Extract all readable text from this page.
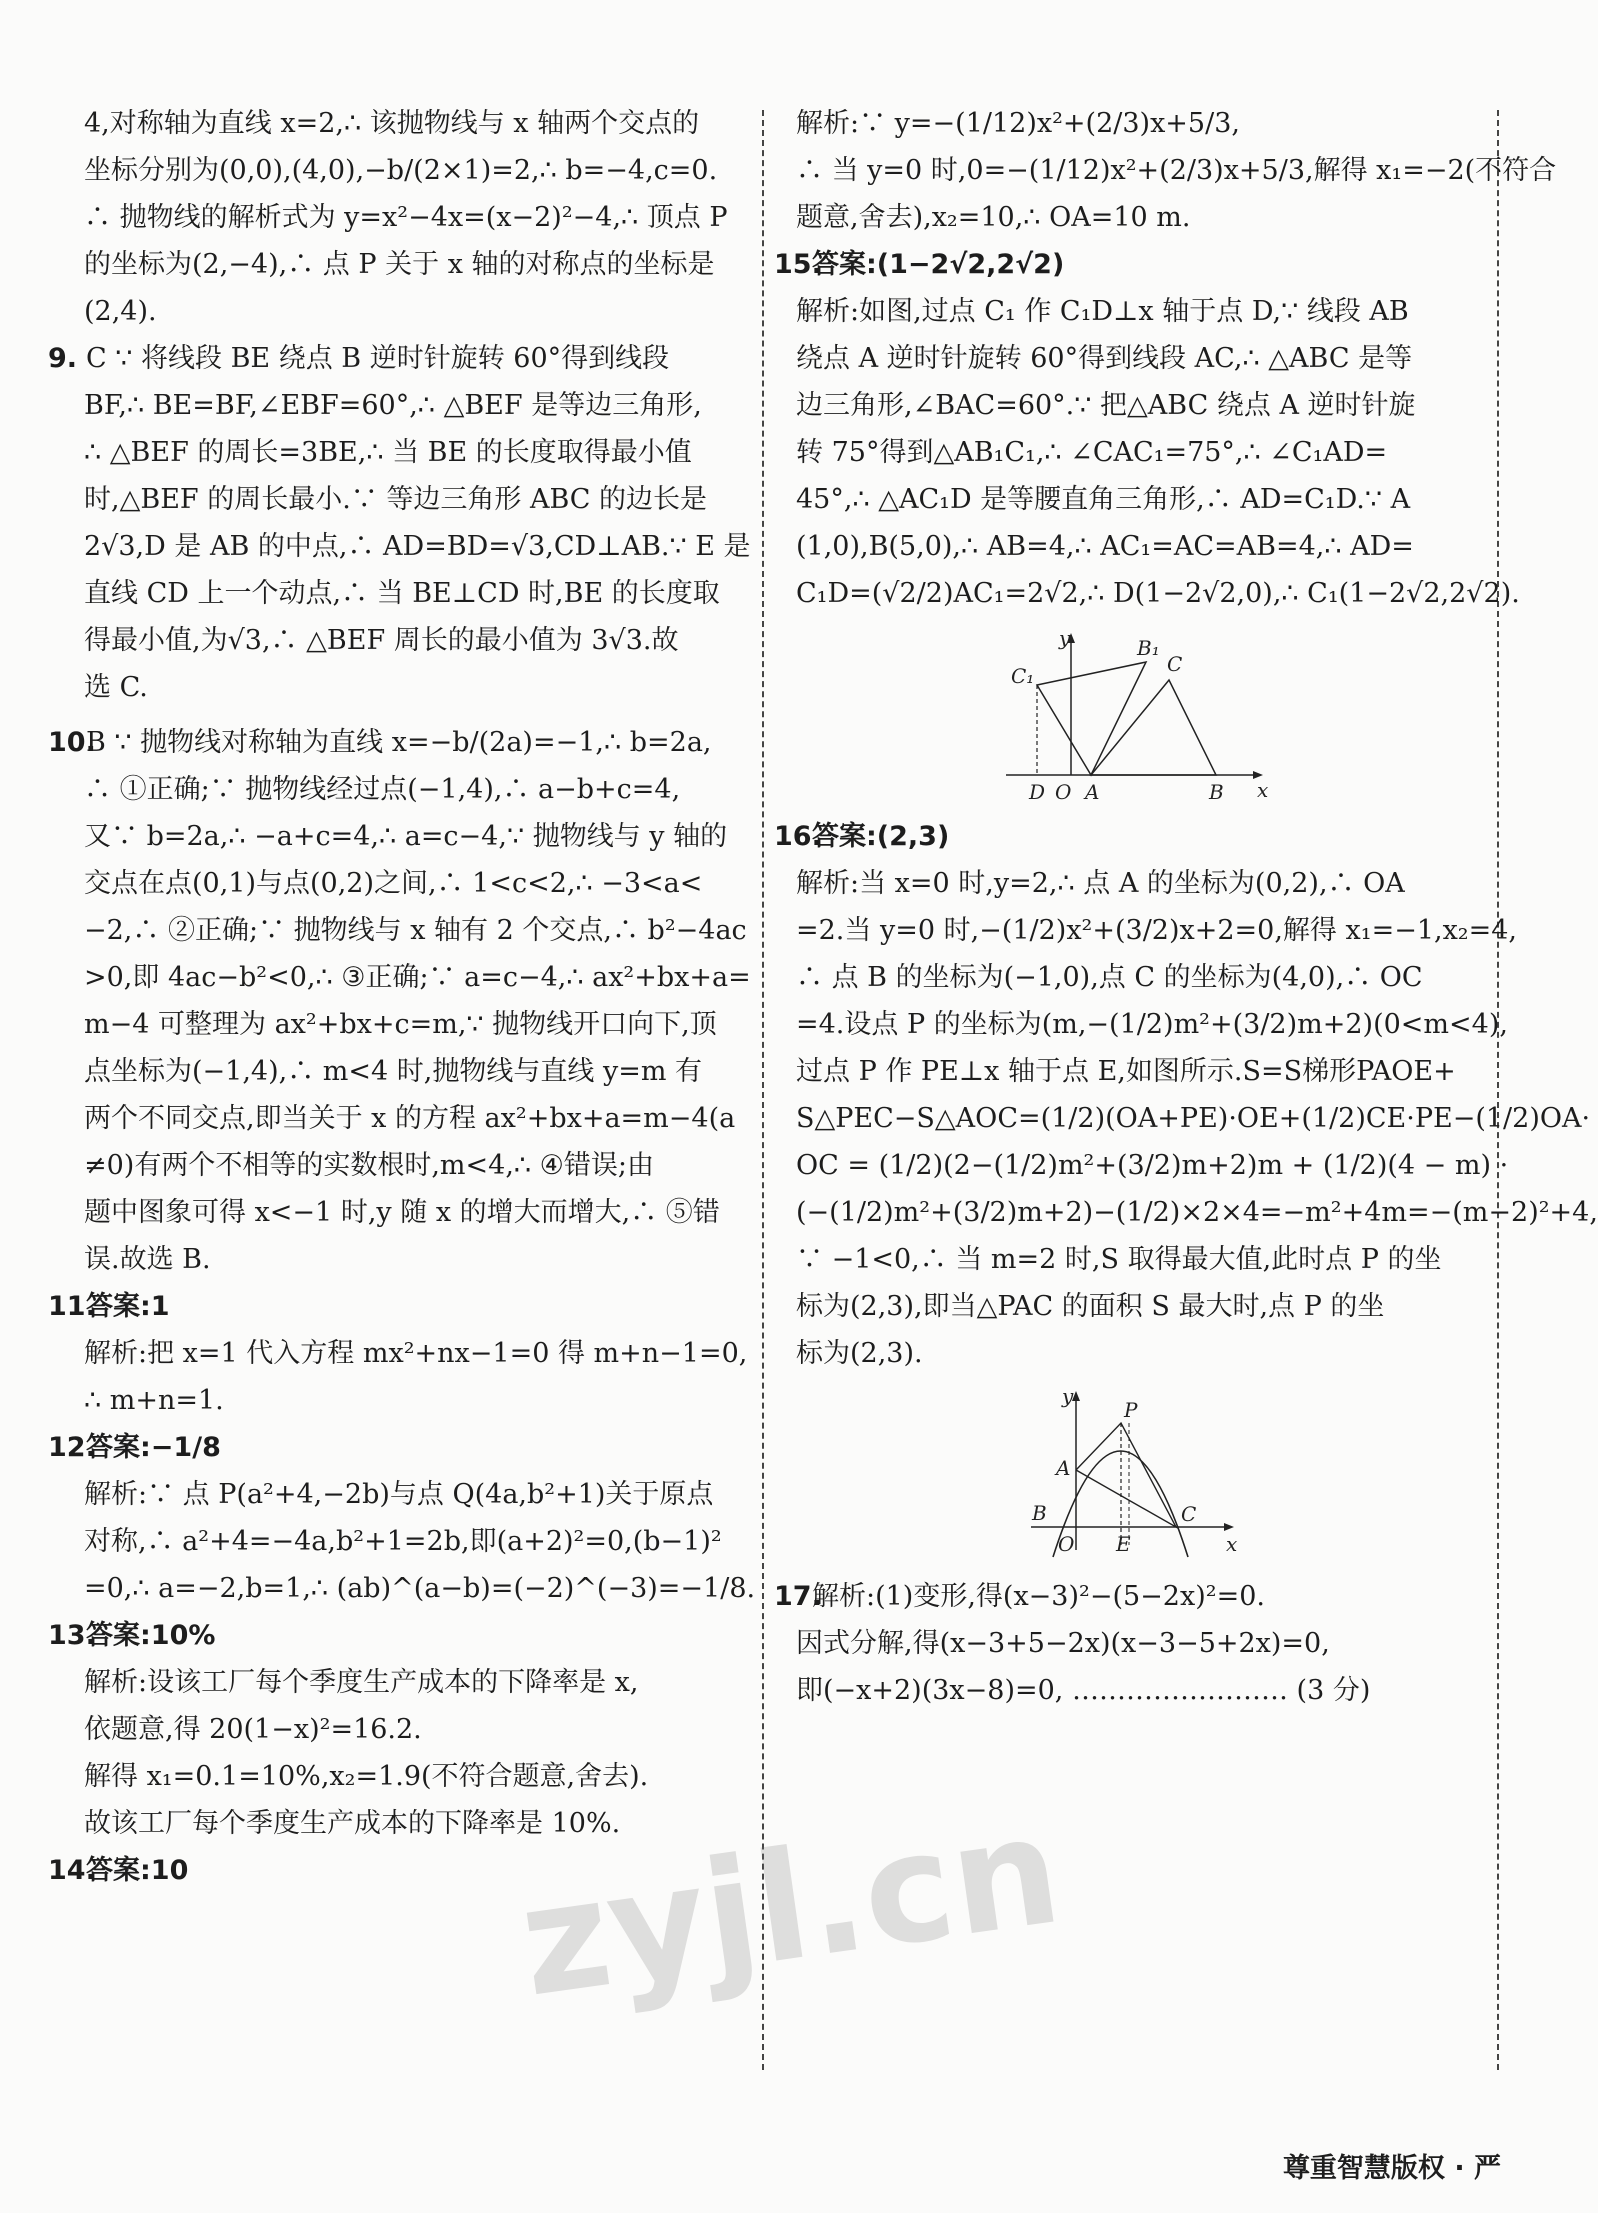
4,对称轴为直线 x=2,∴ 该抛物线与 x 轴两个交点的
坐标分别为(0,0),(4,0),−b/(2×1)=2,∴ b=−4,c=0.
∴ 抛物线的解析式为 y=x²−4x=(x−2)²−4,∴ 顶点 P
的坐标为(2,−4),∴ 点 P 关于 x 轴的对称点的坐标是
(2,4).
9. C ∵ 将线段 BE 绕点 B 逆时针旋转 60°得到线段
BF,∴ BE=BF,∠EBF=60°,∴ △BEF 是等边三角形,
∴ △BEF 的周长=3BE,∴ 当 BE 的长度取得最小值
时,△BEF 的周长最小.∵ 等边三角形 ABC 的边长是
2√3,D 是 AB 的中点,∴ AD=BD=√3,CD⊥AB.∵ E 是
直线 CD 上一个动点,∴ 当 BE⊥CD 时,BE 的长度取
得最小值,为√3,∴ △BEF 周长的最小值为 3√3.故
选 C.
10.B ∵ 抛物线对称轴为直线 x=−b/(2a)=−1,∴ b=2a,
∴ ①正确;∵ 抛物线经过点(−1,4),∴ a−b+c=4,
又∵ b=2a,∴ −a+c=4,∴ a=c−4,∵ 抛物线与 y 轴的
交点在点(0,1)与点(0,2)之间,∴ 1<c<2,∴ −3<a<
−2,∴ ②正确;∵ 抛物线与 x 轴有 2 个交点,∴ b²−4ac
>0,即 4ac−b²<0,∴ ③正确;∵ a=c−4,∴ ax²+bx+a=
m−4 可整理为 ax²+bx+c=m,∵ 抛物线开口向下,顶
点坐标为(−1,4),∴ m<4 时,抛物线与直线 y=m 有
两个不同交点,即当关于 x 的方程 ax²+bx+a=m−4(a
≠0)有两个不相等的实数根时,m<4,∴ ④错误;由
题中图象可得 x<−1 时,y 随 x 的增大而增大,∴ ⑤错
误.故选 B.
11.答案:1
解析:把 x=1 代入方程 mx²+nx−1=0 得 m+n−1=0,
∴ m+n=1.
12.答案:−1/8
解析:∵ 点 P(a²+4,−2b)与点 Q(4a,b²+1)关于原点
对称,∴ a²+4=−4a,b²+1=2b,即(a+2)²=0,(b−1)²
=0,∴ a=−2,b=1,∴ (ab)^(a−b)=(−2)^(−3)=−1/8.
13.答案:10%
解析:设该工厂每个季度生产成本的下降率是 x,
依题意,得 20(1−x)²=16.2.
解得 x₁=0.1=10%,x₂=1.9(不符合题意,舍去).
故该工厂每个季度生产成本的下降率是 10%.
14.答案:10
解析:∵ y=−(1/12)x²+(2/3)x+5/3,
∴ 当 y=0 时,0=−(1/12)x²+(2/3)x+5/3,解得 x₁=−2(不符合
题意,舍去),x₂=10,∴ OA=10 m.
15.答案:(1−2√2,2√2)
解析:如图,过点 C₁ 作 C₁D⊥x 轴于点 D,∵ 线段 AB
绕点 A 逆时针旋转 60°得到线段 AC,∴ △ABC 是等
边三角形,∠BAC=60°.∵ 把△ABC 绕点 A 逆时针旋
转 75°得到△AB₁C₁,∴ ∠CAC₁=75°,∴ ∠C₁AD=
45°,∴ △AC₁D 是等腰直角三角形,∴ AD=C₁D.∵ A
(1,0),B(5,0),∴ AB=4,∴ AC₁=AC=AB=4,∴ AD=
C₁D=(√2/2)AC₁=2√2,∴ D(1−2√2,0),∴ C₁(1−2√2,2√2).
y
x
C₁
B₁
C
D O A	B
16.答案:(2,3)
解析:当 x=0 时,y=2,∴ 点 A 的坐标为(0,2),∴ OA
=2.当 y=0 时,−(1/2)x²+(3/2)x+2=0,解得 x₁=−1,x₂=4,
∴ 点 B 的坐标为(−1,0),点 C 的坐标为(4,0),∴ OC
=4.设点 P 的坐标为(m,−(1/2)m²+(3/2)m+2)(0<m<4),
过点 P 作 PE⊥x 轴于点 E,如图所示.S=S梯形PAOE+
S△PEC−S△AOC=(1/2)(OA+PE)·OE+(1/2)CE·PE−(1/2)OA·
OC = (1/2)(2−(1/2)m²+(3/2)m+2)m + (1/2)(4 − m) ·
(−(1/2)m²+(3/2)m+2)−(1/2)×2×4=−m²+4m=−(m−2)²+4,
∵ −1<0,∴ 当 m=2 时,S 取得最大值,此时点 P 的坐
标为(2,3),即当△PAC 的面积 S 最大时,点 P 的坐
标为(2,3).
y
x
P
A
B
O E
C
17.解析:(1)变形,得(x−3)²−(5−2x)²=0.
因式分解,得(x−3+5−2x)(x−3−5+2x)=0,
即(−x+2)(3x−8)=0, …………………… (3 分)
zyjl.cn
尊重智慧版权 · 严
